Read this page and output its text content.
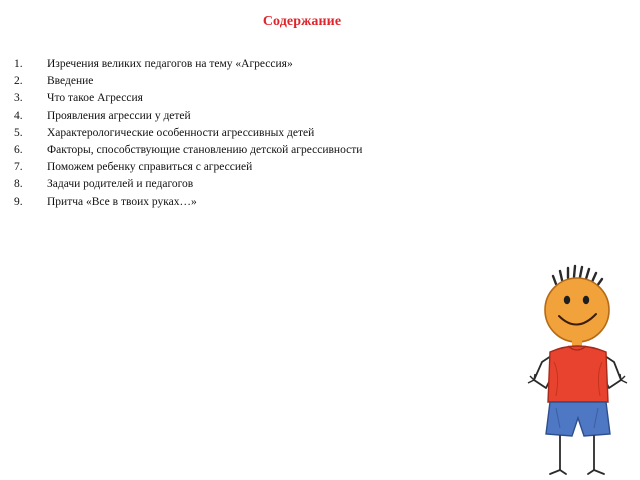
Содержание
1.	Изречения великих педагогов на тему «Агрессия»
2.	Введение
3.	Что такое Агрессия
4.	Проявления агрессии у детей
5.	Характерологические особенности агрессивных детей
6.	Факторы, способствующие становлению детской агрессивности
7.	Поможем ребенку справиться с агрессией
8.	Задачи родителей и педагогов
9.	Притча «Все в твоих руках…»
